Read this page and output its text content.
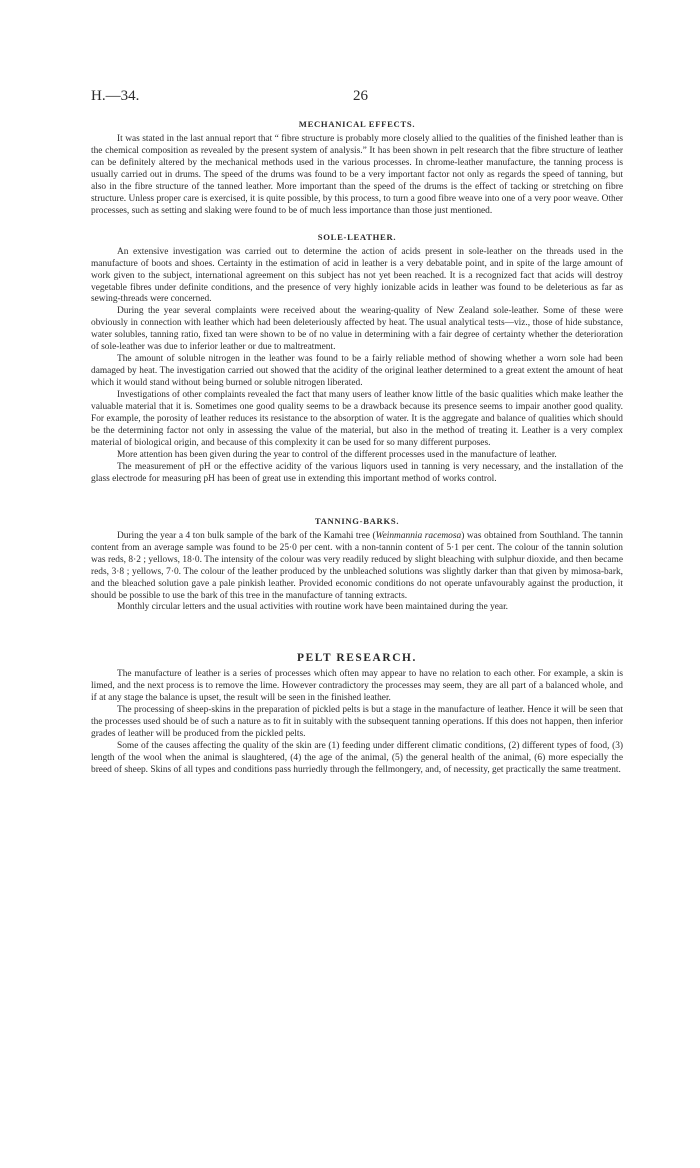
H.—34.	26
MECHANICAL EFFECTS.

It was stated in the last annual report that “ fibre structure is probably more closely allied to the qualities of the finished leather than is the chemical composition as revealed by the present system of analysis.” It has been shown in pelt research that the fibre structure of leather can be definitely altered by the mechanical methods used in the various processes. In chrome-leather manufacture, the tanning process is usually carried out in drums. The speed of the drums was found to be a very important factor not only as regards the speed of tanning, but also in the fibre structure of the tanned leather. More important than the speed of the drums is the effect of tacking or stretching on fibre structure. Unless proper care is exercised, it is quite possible, by this process, to turn a good fibre weave into one of a very poor weave. Other processes, such as setting and slaking were found to be of much less importance than those just mentioned.

SOLE-LEATHER.

An extensive investigation was carried out to determine the action of acids present in sole-leather on the threads used in the manufacture of boots and shoes. Certainty in the estimation of acid in leather is a very debatable point, and in spite of the large amount of work given to the subject, international agreement on this subject has not yet been reached. It is a recognized fact that acids will destroy vegetable fibres under definite conditions, and the presence of very highly ionizable acids in leather was found to be deleterious as far as sewing-threads were concerned.

During the year several complaints were received about the wearing-quality of New Zealand sole-leather. Some of these were obviously in connection with leather which had been deleteriously affected by heat. The usual analytical tests—viz., those of hide substance, water solubles, tanning ratio, fixed tan were shown to be of no value in determining with a fair degree of certainty whether the deterioration of sole-leather was due to inferior leather or due to maltreatment.

The amount of soluble nitrogen in the leather was found to be a fairly reliable method of showing whether a worn sole had been damaged by heat. The investigation carried out showed that the acidity of the original leather determined to a great extent the amount of heat which it would stand without being burned or soluble nitrogen liberated.

Investigations of other complaints revealed the fact that many users of leather know little of the basic qualities which make leather the valuable material that it is. Sometimes one good quality seems to be a drawback because its presence seems to impair another good quality. For example, the porosity of leather reduces its resistance to the absorption of water. It is the aggregate and balance of qualities which should be the determining factor not only in assessing the value of the material, but also in the method of treating it. Leather is a very complex material of biological origin, and because of this complexity it can be used for so many different purposes.

More attention has been given during the year to control of the different processes used in the manufacture of leather.

The measurement of pH or the effective acidity of the various liquors used in tanning is very necessary, and the installation of the glass electrode for measuring pH has been of great use in extending this important method of works control.

TANNING-BARKS.

During the year a 4 ton bulk sample of the bark of the Kamahi tree (Weinmannia racemosa) was obtained from Southland. The tannin content from an average sample was found to be 25·0 per cent. with a non-tannin content of 5·1 per cent. The colour of the tannin solution was reds, 8·2 ; yellows, 18·0. The intensity of the colour was very readily reduced by slight bleaching with sulphur dioxide, and then became reds, 3·8 ; yellows, 7·0. The colour of the leather produced by the unbleached solutions was slightly darker than that given by mimosa-bark, and the bleached solution gave a pale pinkish leather. Provided economic conditions do not operate unfavourably against the production, it should be possible to use the bark of this tree in the manufacture of tanning extracts.

Monthly circular letters and the usual activities with routine work have been maintained during the year.

PELT RESEARCH.

The manufacture of leather is a series of processes which often may appear to have no relation to each other. For example, a skin is limed, and the next process is to remove the lime. However contradictory the processes may seem, they are all part of a balanced whole, and if at any stage the balance is upset, the result will be seen in the finished leather.

The processing of sheep-skins in the preparation of pickled pelts is but a stage in the manufacture of leather. Hence it will be seen that the processes used should be of such a nature as to fit in suitably with the subsequent tanning operations. If this does not happen, then inferior grades of leather will be produced from the pickled pelts.

Some of the causes affecting the quality of the skin are (1) feeding under different climatic conditions, (2) different types of food, (3) length of the wool when the animal is slaughtered, (4) the age of the animal, (5) the general health of the animal, (6) more especially the breed of sheep. Skins of all types and conditions pass hurriedly through the fellmongery, and, of necessity, get practically the same treatment.
